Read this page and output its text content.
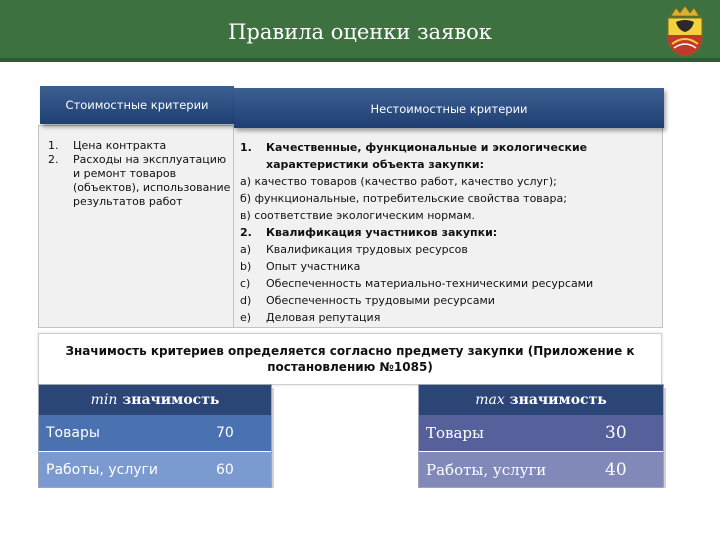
Правила оценки заявок
Стоимостные критерии	Нестоимостные критерии
1. Цена контракта
2. Расходы на эксплуатацию и ремонт товаров (объектов), использование результатов работ
1. Качественные, функциональные и экологические
характеристики объекта закупки:
а) качество товаров (качество работ, качество услуг);
б) функциональные, потребительские свойства товара;
в) соответствие экологическим нормам.
2. Квалификация участников закупки:
a) Квалификация трудовых ресурсов
b) Опыт участника
c) Обеспеченность материально-техническими ресурсами
d) Обеспеченность трудовыми ресурсами
e) Деловая репутация
Значимость критериев определяется согласно предмету закупки (Приложение к постановлению №1085)
min значимость
Товары	70
Работы, услуги	60
max значимость
Товары	30
Работы, услуги	40
